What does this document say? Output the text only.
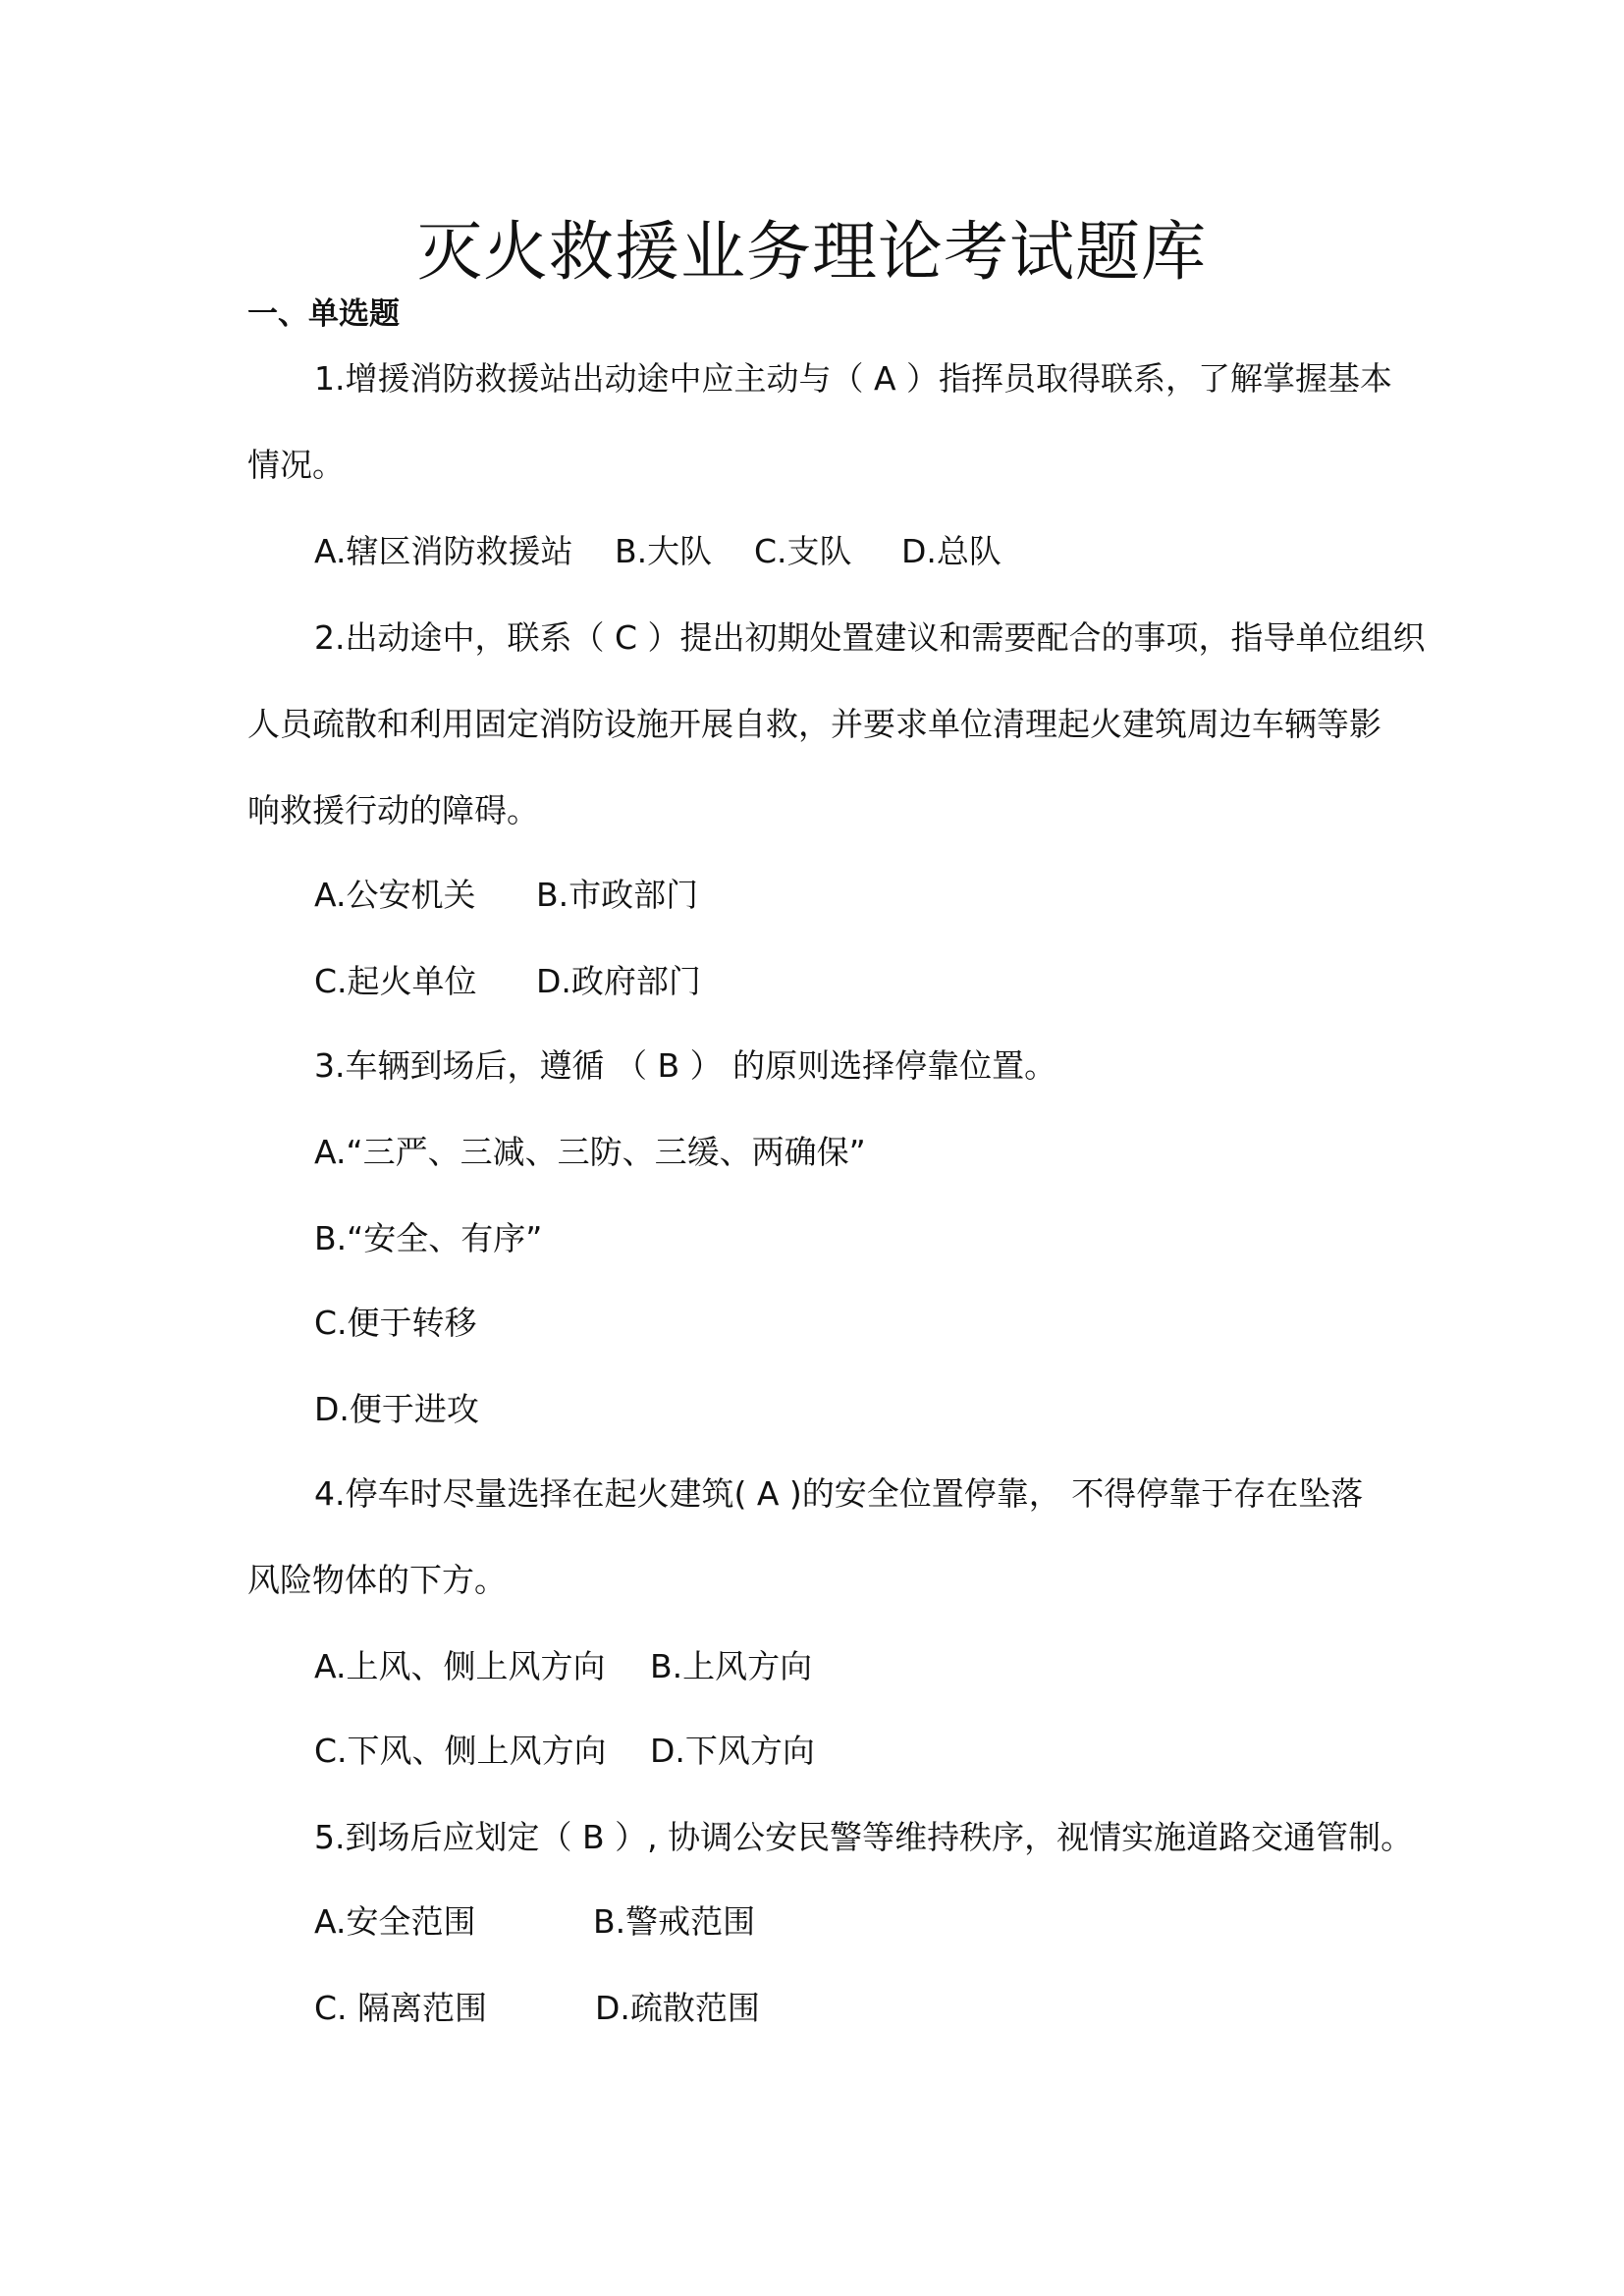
灭火救援业务理论考试题库
一、单选题
1.增援消防救援站出动途中应主动与（ A ）指挥员取得联系，了解掌握基本
情况。
A.辖区消防救援站 B.大队 C.支队 D.总队
2.出动途中，联系（ C ）提出初期处置建议和需要配合的事项，指导单位组织
人员疏散和利用固定消防设施开展自救，并要求单位清理起火建筑周边车辆等影
响救援行动的障碍。
A.公安机关 B.市政部门
C.起火单位 D.政府部门
3.车辆到场后，遵循 （ B ） 的原则选择停靠位置。
A.“三严、三减、三防、三缓、两确保”
B.“安全、有序”
C.便于转移
D.便于进攻
4.停车时尽量选择在起火建筑( A )的安全位置停靠， 不得停靠于存在坠落
风险物体的下方。
A.上风、侧上风方向 B.上风方向
C.下风、侧上风方向 D.下风方向
5.到场后应划定（ B ）, 协调公安民警等维持秩序，视情实施道路交通管制。
A.安全范围	B.警戒范围
C. 隔离范围	D.疏散范围
